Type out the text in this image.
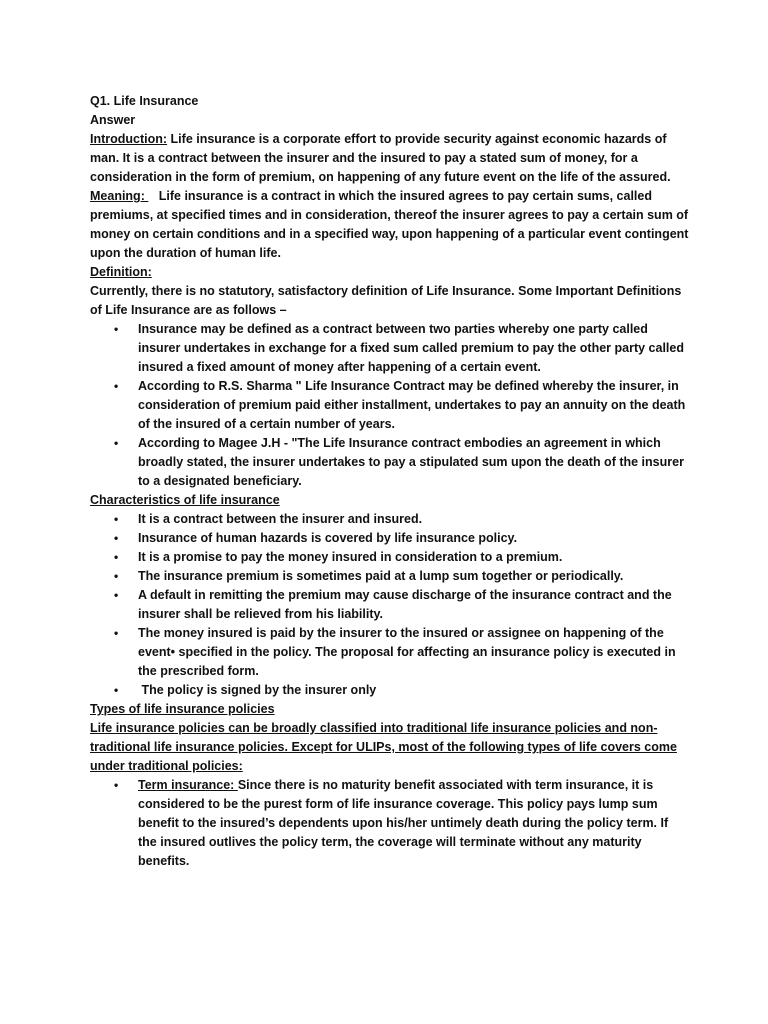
Q1. Life Insurance

Answer

Introduction: Life insurance is a corporate effort to provide security against economic hazards of man. It is a contract between the insurer and the insured to pay a stated sum of money, for a consideration in the form of premium, on happening of any future event on the life of the assured.

Meaning:    Life insurance is a contract in which the insured agrees to pay certain sums, called premiums, at specified times and in consideration, thereof the insurer agrees to pay a certain sum of money on certain conditions and in a specified way, upon happening of a particular event contingent upon the duration of human life.

Definition:

Currently, there is no statutory, satisfactory definition of Life Insurance. Some Important Definitions of Life Insurance are as follows –

• Insurance may be defined as a contract between two parties whereby one party called insurer undertakes in exchange for a fixed sum called premium to pay the other party called insured a fixed amount of money after happening of a certain event.
• According to R.S. Sharma " Life Insurance Contract may be defined whereby the insurer, in consideration of premium paid either installment, undertakes to pay an annuity on the death of the insured of a certain number of years.
• According to Magee J.H - "The Life Insurance contract embodies an agreement in which broadly stated, the insurer undertakes to pay a stipulated sum upon the death of the insurer to a designated beneficiary.

Characteristics of life insurance

• It is a contract between the insurer and insured.
• Insurance of human hazards is covered by life insurance policy.
• It is a promise to pay the money insured in consideration to a premium.
• The insurance premium is sometimes paid at a lump sum together or periodically.
• A default in remitting the premium may cause discharge of the insurance contract and the insurer shall be relieved from his liability.
• The money insured is paid by the insurer to the insured or assignee on happening of the event• specified in the policy. The proposal for affecting an insurance policy is executed in the prescribed form.
• The policy is signed by the insurer only

Types of life insurance policies

Life insurance policies can be broadly classified into traditional life insurance policies and non-traditional life insurance policies. Except for ULIPs, most of the following types of life covers come under traditional policies:

• Term insurance: Since there is no maturity benefit associated with term insurance, it is considered to be the purest form of life insurance coverage. This policy pays lump sum benefit to the insured’s dependents upon his/her untimely death during the policy term. If the insured outlives the policy term, the coverage will terminate without any maturity benefits.
